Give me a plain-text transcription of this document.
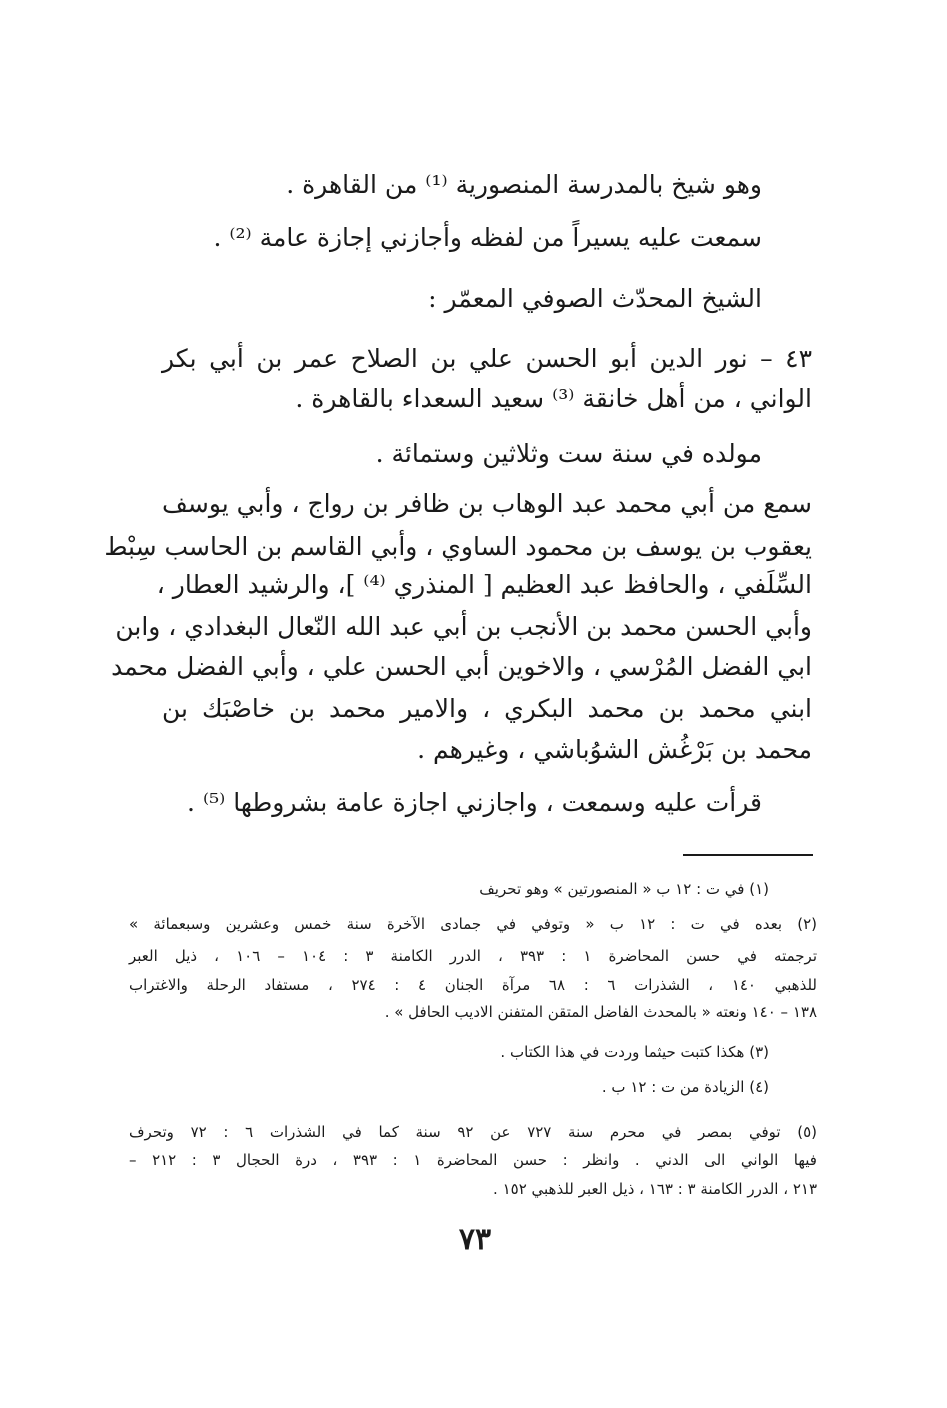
وهو شيخ بالمدرسة المنصورية ⁽¹⁾ من القاهرة .
سمعت عليه يسيراً من لفظه وأجازني إجازة عامة ⁽²⁾ .
الشيخ المحدّث الصوفي المعمّر :
٤٣ – نور الدين أبو الحسن علي بن الصلاح عمر بن أبي بكر
الواني ، من أهل خانقة ⁽³⁾ سعيد السعداء بالقاهرة .
مولده في سنة ست وثلاثين وستمائة .
سمع من أبي محمد عبد الوهاب بن ظافر بن رواج ، وأبي يوسف
يعقوب بن يوسف بن محمود الساوي ، وأبي القاسم بن الحاسب سِبْط
السِّلَفي ، والحافظ عبد العظيم [ المنذري ⁽⁴⁾ ]، والرشيد العطار ،
وأبي الحسن محمد بن الأنجب بن أبي عبد الله النّعال البغدادي ، وابن
ابي الفضل المُرْسي ، والاخوين أبي الحسن علي ، وأبي الفضل محمد
ابني محمد بن محمد البكري ، والامير محمد بن خاصْبَك بن
محمد بن بَرْغُش الشوُباشي ، وغيرهم .
قرأت عليه وسمعت ، واجازني اجازة عامة بشروطها ⁽⁵⁾ .
(١) في ت : ١٢ ب « المنصورتين » وهو تحريف
(٢) بعده في ت : ١٢ ب « وتوفي في جمادى الآخرة سنة خمس وعشرين وسبعمائة »
ترجمته في حسن المحاضرة ١ : ٣٩٣ ، الدرر الكامنة ٣ : ١٠٤ – ١٠٦ ، ذيل العبر
للذهبي ١٤٠ ، الشذرات ٦ : ٦٨ مرآة الجنان ٤ : ٢٧٤ ، مستفاد الرحلة والاغتراب
١٣٨ – ١٤٠ ونعته « بالمحدث الفاضل المتقن المتفنن الاديب الحافل » .
(٣) هكذا كتبت حيثما وردت في هذا الكتاب .
(٤) الزيادة من ت : ١٢ ب .
(٥) توفي بمصر في محرم سنة ٧٢٧ عن ٩٢ سنة كما في الشذرات ٦ : ٧٢ وتحرف
فيها الواني الى الدني . وانظر : حسن المحاضرة ١ : ٣٩٣ ، درة الحجال ٣ : ٢١٢ –
٢١٣ ، الدرر الكامنة ٣ : ١٦٣ ، ذيل العبر للذهبي ١٥٢ .
٧٣
